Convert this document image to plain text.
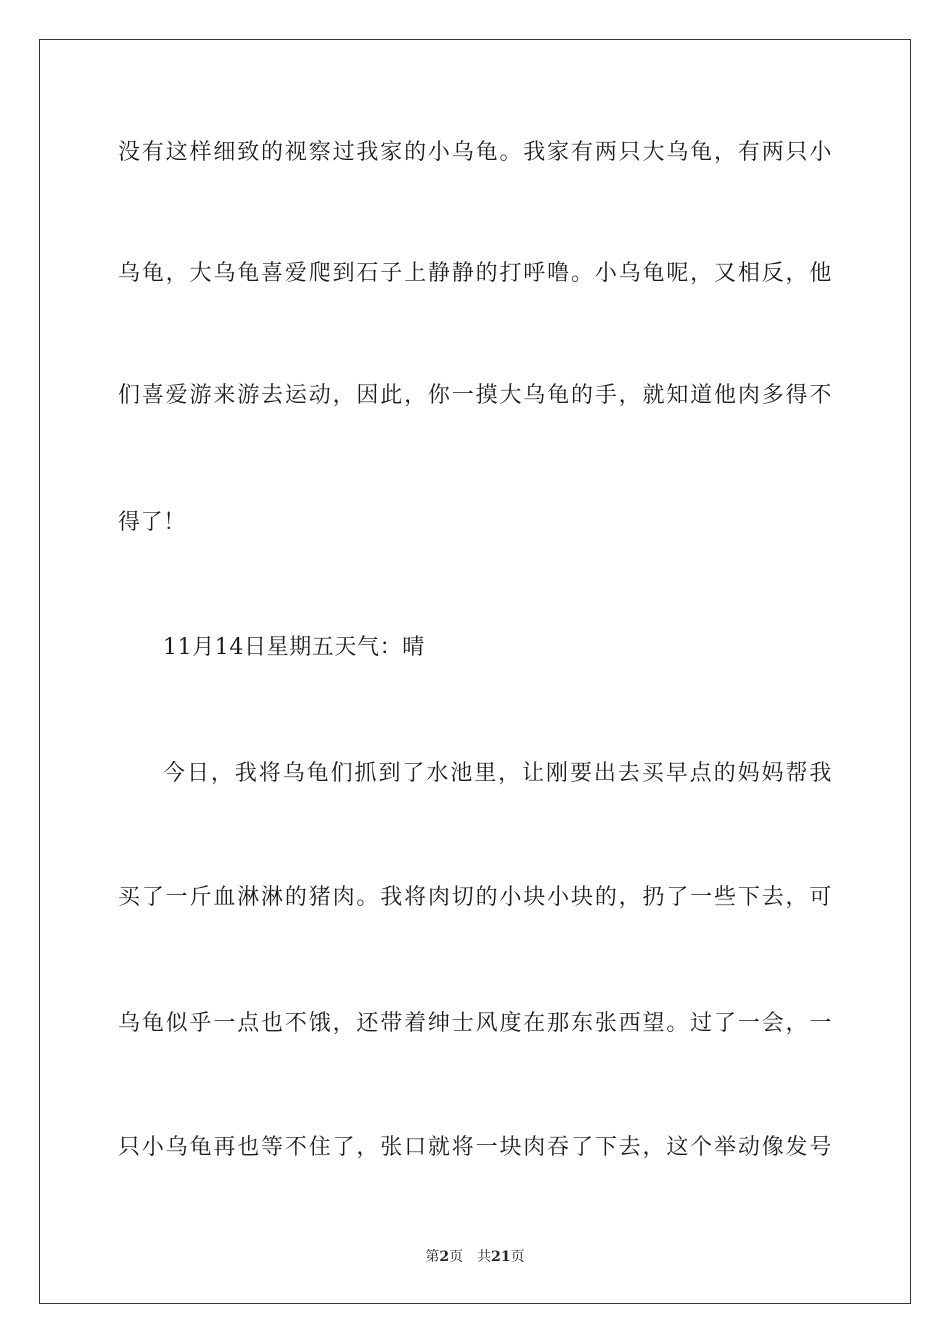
没有这样细致的视察过我家的小乌龟。我家有两只大乌龟，有两只小
乌龟，大乌龟喜爱爬到石子上静静的打呼噜。小乌龟呢，又相反，他
们喜爱游来游去运动，因此，你一摸大乌龟的手，就知道他肉多得不
得了！
11月14日星期五天气：晴
今日，我将乌龟们抓到了水池里，让刚要出去买早点的妈妈帮我
买了一斤血淋淋的猪肉。我将肉切的小块小块的，扔了一些下去，可
乌龟似乎一点也不饿，还带着绅士风度在那东张西望。过了一会，一
只小乌龟再也等不住了，张口就将一块肉吞了下去，这个举动像发号
第2页 共21页
